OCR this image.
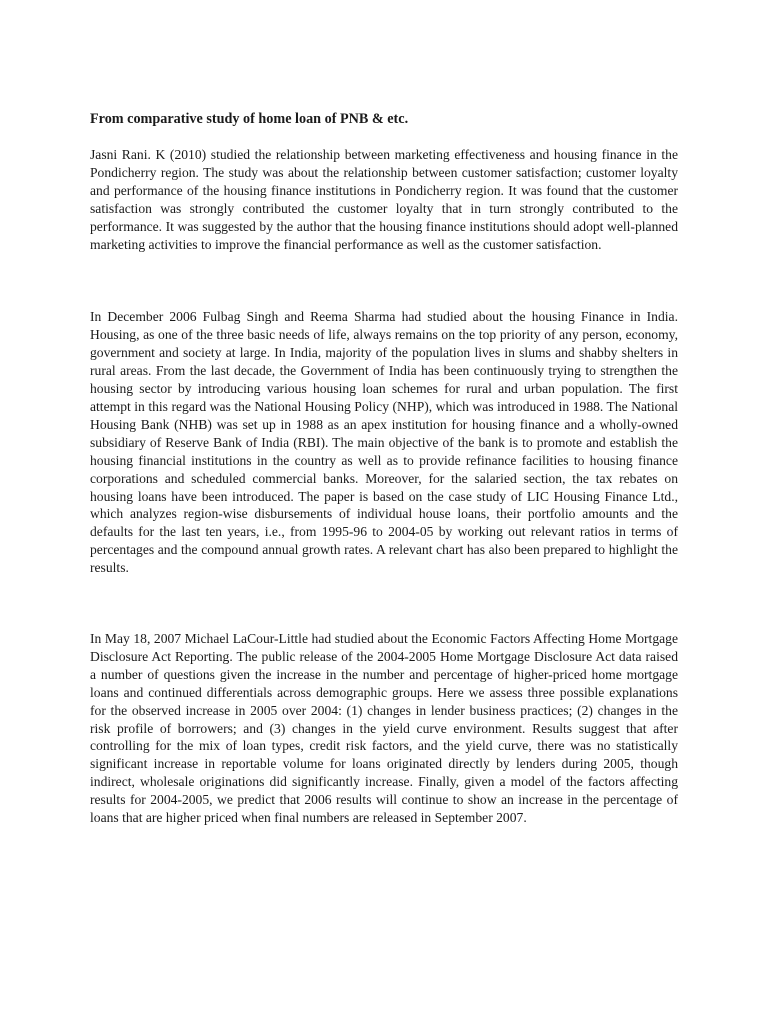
From comparative study of home loan of PNB & etc.

Jasni Rani. K (2010) studied the relationship between marketing effectiveness and housing finance in the Pondicherry region. The study was about the relationship between customer satisfaction; customer loyalty and performance of the housing finance institutions in Pondicherry region. It was found that the customer satisfaction was strongly contributed the customer loyalty that in turn strongly contributed to the performance. It was suggested by the author that the housing finance institutions should adopt well-planned marketing activities to improve the financial performance as well as the customer satisfaction.

In December 2006 Fulbag Singh and Reema Sharma had studied about the housing Finance in India. Housing, as one of the three basic needs of life, always remains on the top priority of any person, economy, government and society at large. In India, majority of the population lives in slums and shabby shelters in rural areas. From the last decade, the Government of India has been continuously trying to strengthen the housing sector by introducing various housing loan schemes for rural and urban population. The first attempt in this regard was the National Housing Policy (NHP), which was introduced in 1988. The National Housing Bank (NHB) was set up in 1988 as an apex institution for housing finance and a wholly-owned subsidiary of Reserve Bank of India (RBI). The main objective of the bank is to promote and establish the housing financial institutions in the country as well as to provide refinance facilities to housing finance corporations and scheduled commercial banks. Moreover, for the salaried section, the tax rebates on housing loans have been introduced. The paper is based on the case study of LIC Housing Finance Ltd., which analyzes region-wise disbursements of individual house loans, their portfolio amounts and the defaults for the last ten years, i.e., from 1995-96 to 2004-05 by working out relevant ratios in terms of percentages and the compound annual growth rates. A relevant chart has also been prepared to highlight the results.

In May 18, 2007 Michael LaCour-Little had studied about the Economic Factors Affecting Home Mortgage Disclosure Act Reporting. The public release of the 2004-2005 Home Mortgage Disclosure Act data raised a number of questions given the increase in the number and percentage of higher-priced home mortgage loans and continued differentials across demographic groups. Here we assess three possible explanations for the observed increase in 2005 over 2004: (1) changes in lender business practices; (2) changes in the risk profile of borrowers; and (3) changes in the yield curve environment. Results suggest that after controlling for the mix of loan types, credit risk factors, and the yield curve, there was no statistically significant increase in reportable volume for loans originated directly by lenders during 2005, though indirect, wholesale originations did significantly increase. Finally, given a model of the factors affecting results for 2004-2005, we predict that 2006 results will continue to show an increase in the percentage of loans that are higher priced when final numbers are released in September 2007.
